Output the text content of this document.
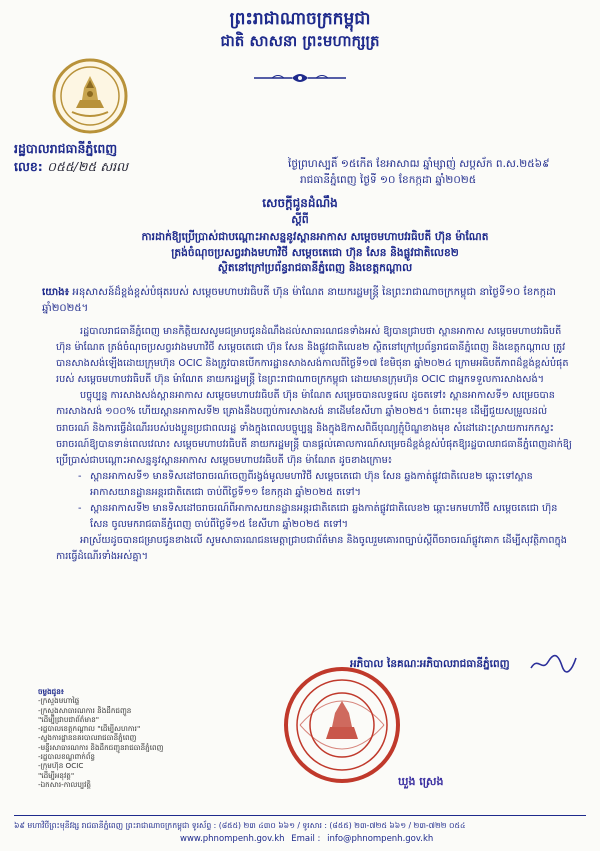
ព្រះរាជាណាចក្រកម្ពុជា
ជាតិ សាសនា ព្រះមហាក្សត្រ
រដ្ឋបាលរាជធានីភ្នំពេញ
លេខ: ០៥៥/២៥ សរល	ថ្ងៃព្រហស្បតិ៍ ១៥កើត ខែអាសាឍ ឆ្នាំម្សាញ់ សប្តស័ក ព.ស.២៥៦៩
រាជធានីភ្នំពេញ ថ្ងៃទី ១០ ខែកក្កដា ឆ្នាំ២០២៥
សេចក្តីជូនដំណឹង
ស្តីពី
ការដាក់ឱ្យប្រើប្រាស់ជាបណ្តោះអាសន្ននូវស្ពានអាកាស សម្តេចមហាបវរធិបតី ហ៊ុន ម៉ាណែត
ត្រង់ចំណុចប្រសព្វរវាងមហាវិថី សម្តេចតេជោ ហ៊ុន សែន និងផ្លូវជាតិលេខ២
ស្ថិតនៅក្រៅប្រព័ន្ធរាជធានីភ្នំពេញ និងខេត្តកណ្តាល
យោង៖ អនុសាសន៍ដ៏ខ្ពង់ខ្ពស់បំផុតរបស់ សម្តេចមហាបវរធិបតី ហ៊ុន ម៉ាណែត នាយករដ្ឋមន្ត្រី នៃព្រះរាជាណាចក្រកម្ពុជា នាថ្ងៃទី១០ ខែកក្កដា ឆ្នាំ២០២៥។

រដ្ឋបាលរាជធានីភ្នំពេញ មានកិត្តិយសសូមជម្រាបជូនដំណឹងដល់សាធារណជនទាំងអស់ ឱ្យបានជ្រាបថា ស្ពានអាកាស សម្តេចមហាបវរធិបតី ហ៊ុន ម៉ាណែត ត្រង់ចំណុចប្រសព្វរវាងមហាវិថី សម្តេចតេជោ ហ៊ុន សែន និងផ្លូវជាតិលេខ២ ស្ថិតនៅក្រៅប្រព័ន្ធរាជធានីភ្នំពេញ និងខេត្តកណ្តាល ត្រូវបានសាងសង់ឡើងដោយក្រុមហ៊ុន OCIC និងត្រូវបានបើកការដ្ឋានសាងសង់កាលពីថ្ងៃទី១៧ ខែមិថុនា ឆ្នាំ២០២៤ ក្រោមអធិបតីភាពដ៏ខ្ពង់ខ្ពស់បំផុតរបស់ សម្តេចមហាបវរធិបតី ហ៊ុន ម៉ាណែត នាយករដ្ឋមន្ត្រី នៃព្រះរាជាណាចក្រកម្ពុជា ដោយមានក្រុមហ៊ុន OCIC ជាអ្នកទទួលការសាងសង់។

បច្ចុប្បន្ន ការសាងសង់ស្ពានអាកាស សម្តេចមហាបវរធិបតី ហ៊ុន ម៉ាណែត សម្រេចបានលទ្ធផល ដូចតទៅ៖ ស្ពានអាកាសទី១ សម្រេចបានការសាងសង់ ១០០% ហើយស្ពានអាកាសទី២ គ្រោងនឹងបញ្ចប់ការសាងសង់ នាដើមខែសីហា ឆ្នាំ២០២៥។ ចំពោះមុខ ដើម្បីជួយសម្រួលដល់ចរាចរណ៍ និងការធ្វើដំណើររបស់បងប្អូនប្រជាពលរដ្ឋ ទាំងក្នុងពេលបច្ចុប្បន្ន និងក្នុងឱកាសពិធីបុណ្យភ្ជុំបិណ្ឌខាងមុខ សំដៅដោះស្រាយការកកស្ទះចរាចរណ៍ឱ្យបានទាន់ពេលវេលា៖ សម្តេចមហាបវរធិបតី នាយករដ្ឋមន្ត្រី បានផ្តល់គោលការណ៍សម្រេចដ៏ខ្ពង់ខ្ពស់បំផុតឱ្យរដ្ឋបាលរាជធានីភ្នំពេញដាក់ឱ្យប្រើប្រាស់ជាបណ្តោះអាសន្ននូវស្ពានអាកាស សម្តេចមហាបវរធិបតី ហ៊ុន ម៉ាណែត ដូចខាងក្រោម៖

- ស្ពានអាកាសទី១ មានទិសដៅចរាចរណ៍ចេញពីរង្វង់មូលមហាវិថី សម្តេចតេជោ ហ៊ុន សែន ឆ្លងកាត់ផ្លូវជាតិលេខ២ ឆ្ពោះទៅស្ពានអាកាសយានដ្ឋានអន្តរជាតិតេជោ ចាប់ពីថ្ងៃទី១១ ខែកក្កដា ឆ្នាំ២០២៥ តទៅ។
- ស្ពានអាកាសទី២ មានទិសដៅចរាចរណ៍ពីអាកាសយានដ្ឋានអន្តរជាតិតេជោ ឆ្លងកាត់ផ្លូវជាតិលេខ២ ឆ្ពោះមកមហាវិថី សម្តេចតេជោ ហ៊ុន សែន ចូលមករាជធានីភ្នំពេញ ចាប់ពីថ្ងៃទី១៥ ខែសីហា ឆ្នាំ២០២៥ តទៅ។

អាស្រ័យដូចបានជម្រាបជូនខាងលើ សូមសាធារណជនមេត្តាជ្រាបជាព័ត៌មាន និងចូលរួមគោរពច្បាប់ស្តីពីចរាចរណ៍ផ្លូវគោក ដើម្បីសុវត្ថិភាពក្នុងការធ្វើដំណើរទាំងអស់គ្នា។

អភិបាល នៃគណៈអភិបាលរាជធានីភ្នំពេញ
ឃួង ស្រេង
ចម្លងជូន៖
-ក្រសួងមហាផ្ទៃ
-ក្រសួងសាធារណការ និងដឹកជញ្ជូន
"ដើម្បីជ្រាបជាព័ត៌មាន"
-រដ្ឋបាលខេត្តកណ្តាល "ដើម្បីសហការ"
-ស្នងការដ្ឋាននគរបាលរាជធានីភ្នំពេញ
-មន្ទីរសាធារណការ និងដឹកជញ្ជូនរាជធានីភ្នំពេញ
-រដ្ឋបាលខណ្ឌពាក់ព័ន្ធ
-ក្រុមហ៊ុន OCIC
"ដើម្បីអនុវត្ត"
-ឯកសារ-កាលប្បវត្តិ
៦៩ មហាវិថីព្រះមុនីវង្ស រាជធានីភ្នំពេញ ព្រះរាជាណាចក្រកម្ពុជា ទូរស័ព្ទ : (៨៥៥) ២៣ ៤៣០ ៦៦១ / ទូរសារ : (៨៥៥) ២៣-៧២៥ ៦៦១ / ២៣-៧២២ ០៥៤
www.phnompenh.gov.kh Email : info@phnompenh.gov.kh
